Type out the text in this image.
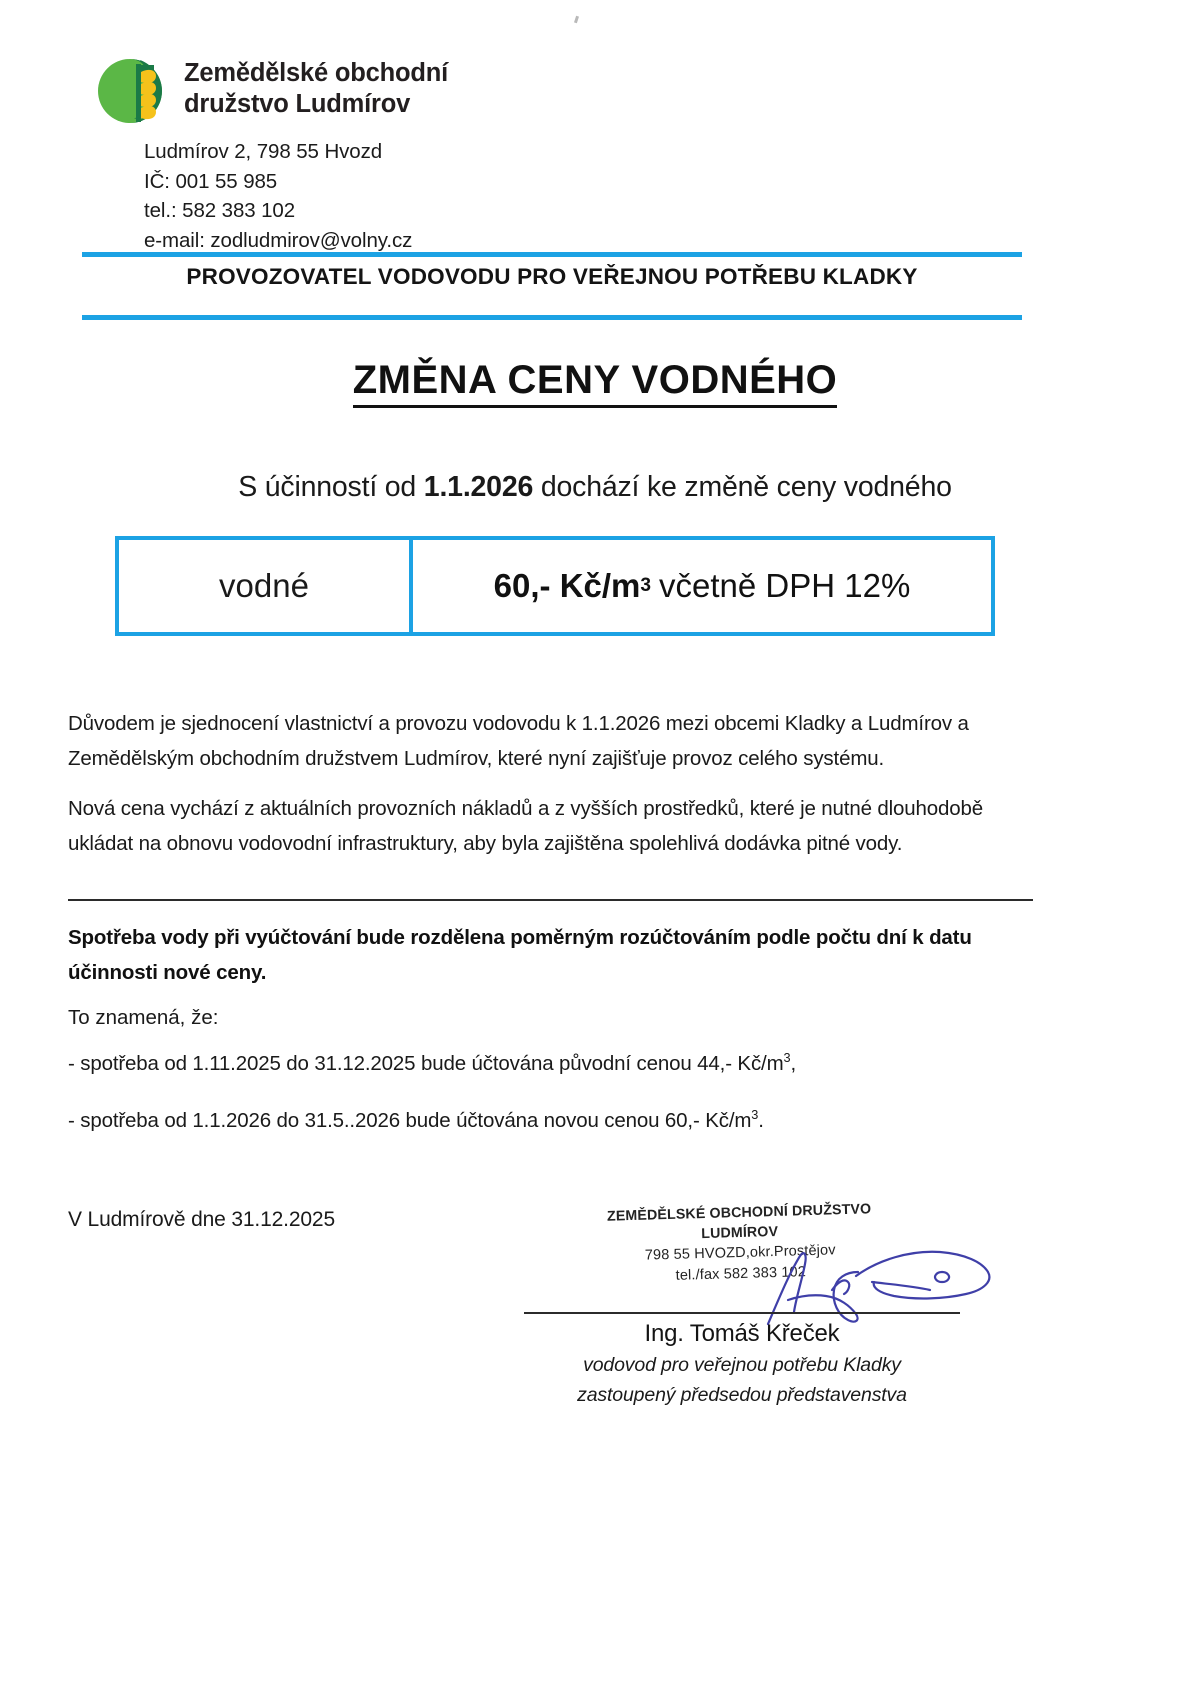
Zemědělské obchodní
družstvo Ludmírov
Ludmírov 2, 798 55 Hvozd
IČ: 001 55 985
tel.: 582 383 102
e-mail: zodludmirov@volny.cz
PROVOZOVATEL VODOVODU PRO VEŘEJNOU POTŘEBU KLADKY
ZMĚNA CENY VODNÉHO
S účinností od 1.1.2026 dochází ke změně ceny vodného
vodné	60,- Kč/m 3 včetně DPH 12%

Důvodem je sjednocení vlastnictví a provozu vodovodu k 1.1.2026 mezi obcemi Kladky a Ludmírov a Zemědělským obchodním družstvem Ludmírov, které nyní zajišťuje provoz celého systému.

Nová cena vychází z aktuálních provozních nákladů a z vyšších prostředků, které je nutné dlouhodobě ukládat na obnovu vodovodní infrastruktury, aby byla zajištěna spolehlivá dodávka pitné vody.

Spotřeba vody při vyúčtování bude rozdělena poměrným rozúčtováním podle počtu dní k datu účinnosti nové ceny.
To znamená, že:
- spotřeba od 1.11.2025 do 31.12.2025 bude účtována původní cenou 44,- $Kč/m^3$,
- spotřeba od 1.1.2026 do 31.5..2026 bude účtována novou cenou 60,- $Kč/m^3$.
V Ludmírově dne 31.12.2025	ZEMĚDĚLSKÉ OBCHODNÍ DRUŽSTVO
LUDMÍROV
798 55 HVOZD,okr.Prostějov
tel./fax 582 383 102
Ing. Tomáš Křeček
vodovod pro veřejnou potřebu Kladky
zastoupený předsedou představenstva
